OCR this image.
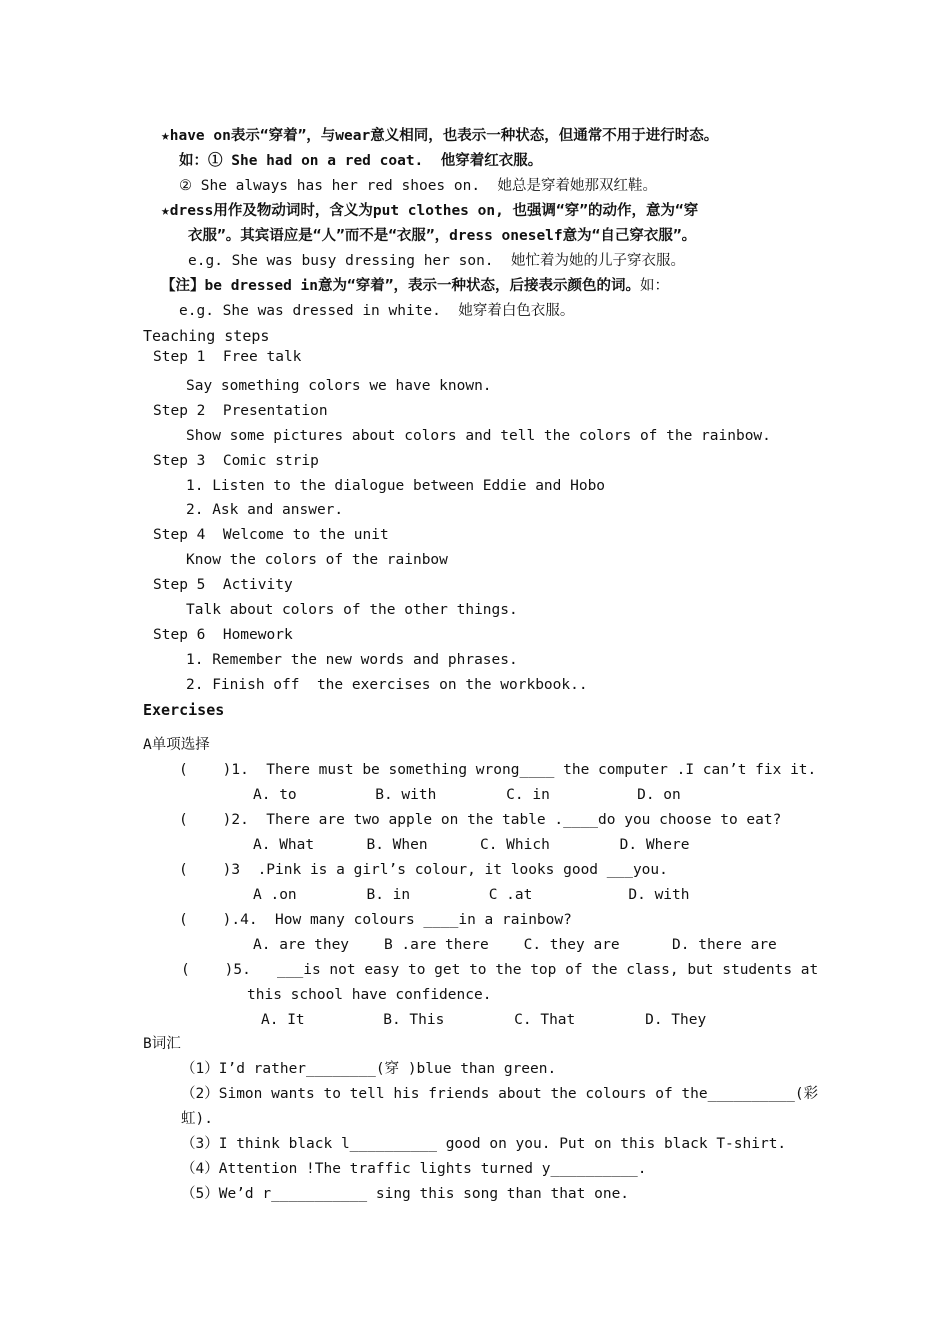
★have on表示“穿着”，与wear意义相同，也表示一种状态，但通常不用于进行时态。
如：① She had on a red coat.  他穿着红衣服。
② She always has her red shoes on.  她总是穿着她那双红鞋。
★dress用作及物动词时，含义为put clothes on, 也强调“穿”的动作，意为“穿
衣服”。其宾语应是“人”而不是“衣服”，dress oneself意为“自己穿衣服”。
e.g. She was busy dressing her son.  她忙着为她的儿子穿衣服。
【注】be dressed in意为“穿着”，表示一种状态，后接表示颜色的词。如：
e.g. She was dressed in white.  她穿着白色衣服。
Teaching steps
Step 1  Free talk
Say something colors we have known.
Step 2  Presentation
Show some pictures about colors and tell the colors of the rainbow.
Step 3  Comic strip
1. Listen to the dialogue between Eddie and Hobo
2. Ask and answer.
Step 4  Welcome to the unit
Know the colors of the rainbow
Step 5  Activity
Talk about colors of the other things.
Step 6  Homework
1. Remember the new words and phrases.
2. Finish off  the exercises on the workbook..
Exercises
A单项选择
(    )1.  There must be something wrong____ the computer .I can’t fix it.
A. to         B. with        C. in          D. on
(    )2.  There are two apple on the table .____do you choose to eat?
A. What      B. When      C. Which        D. Where
(    )3  .Pink is a girl’s colour, it looks good ___you.
A .on        B. in         C .at           D. with
(    ).4.  How many colours ____in a rainbow?
A. are they    B .are there    C. they are      D. there are
(    )5.   ___is not easy to get to the top of the class, but students at
this school have confidence.
A. It         B. This        C. That        D. They
B词汇
（1）I’d rather________(穿 )blue than green.
（2）Simon wants to tell his friends about the colours of the__________(彩
虹).
（3）I think black l__________ good on you. Put on this black T-shirt.
（4）Attention !The traffic lights turned y__________.
（5）We’d r___________ sing this song than that one.
